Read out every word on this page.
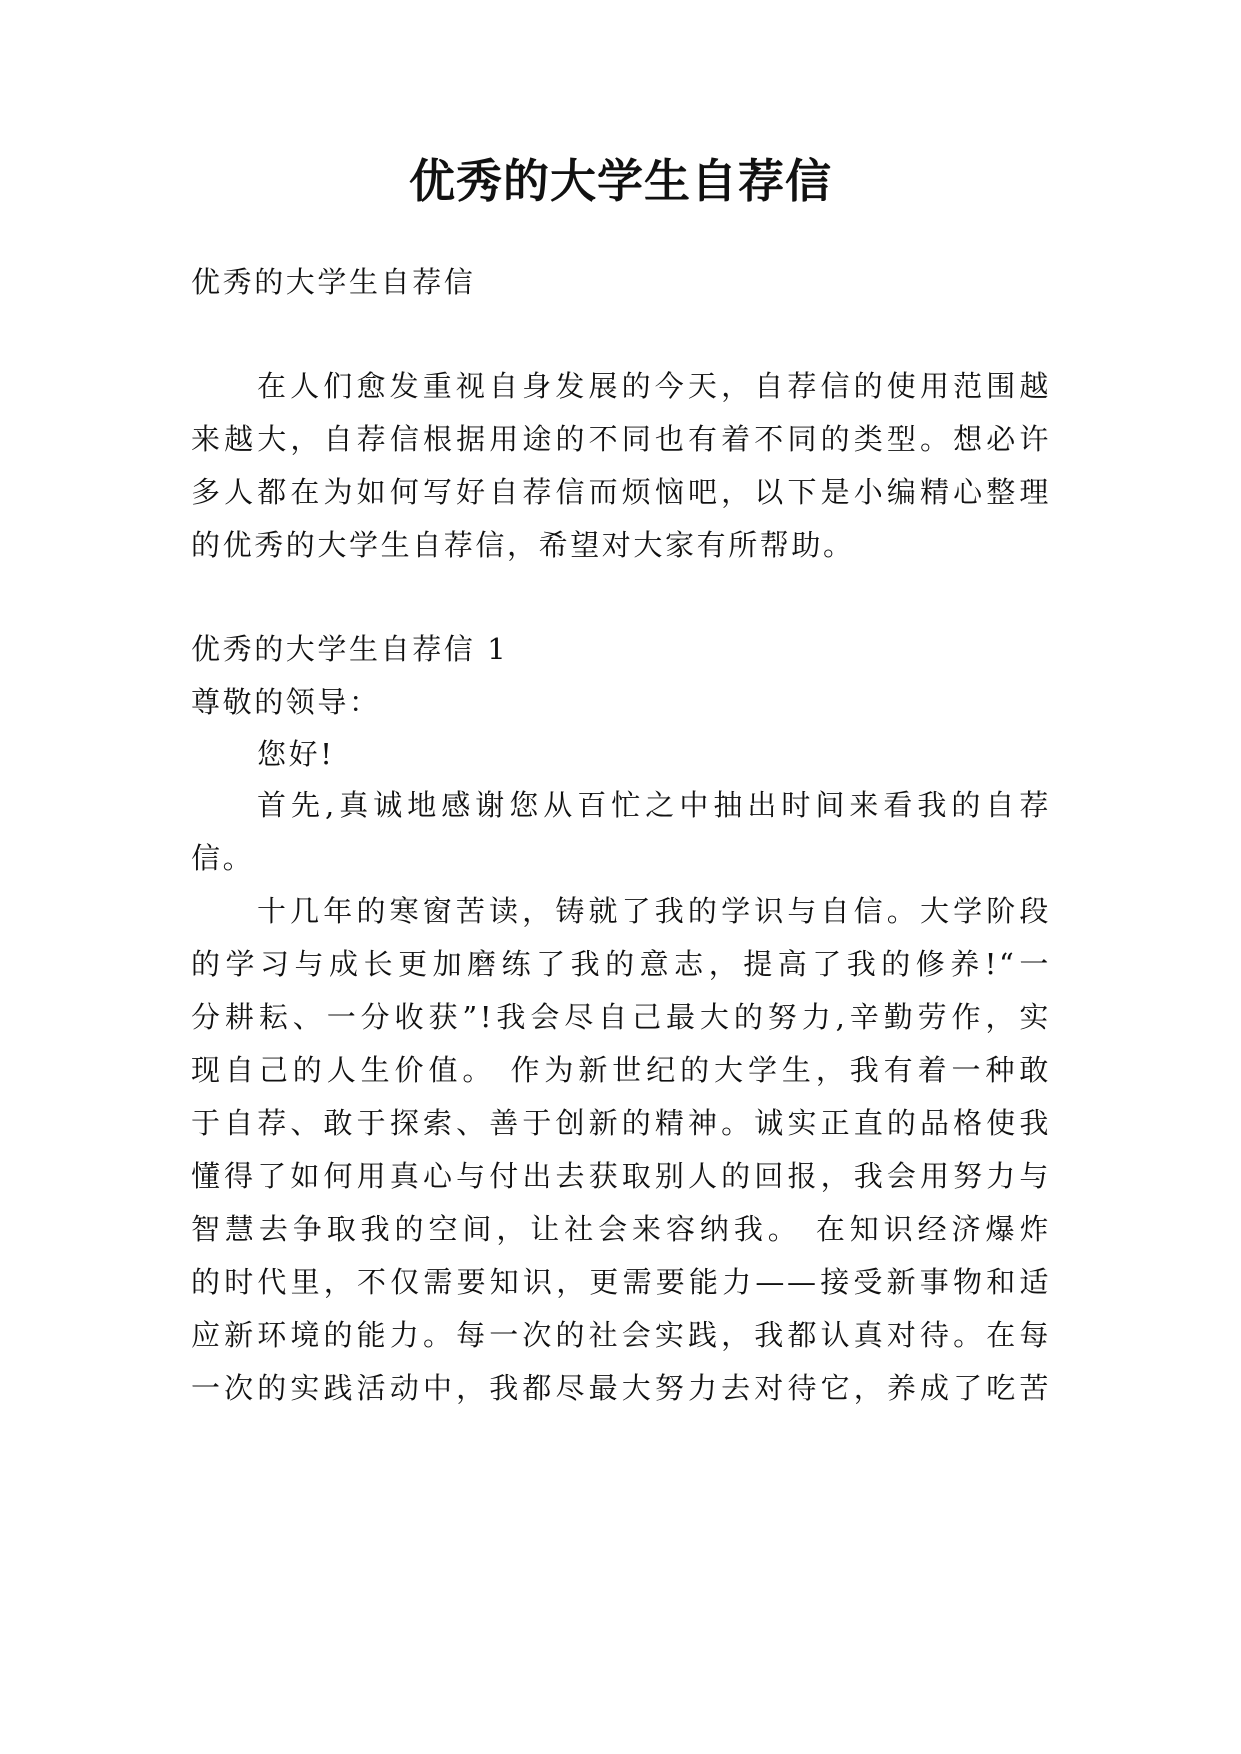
优秀的大学生自荐信
优秀的大学生自荐信
在人们愈发重视自身发展的今天，自荐信的使用范围越
来越大，自荐信根据用途的不同也有着不同的类型。想必许
多人都在为如何写好自荐信而烦恼吧，以下是小编精心整理
的优秀的大学生自荐信，希望对大家有所帮助。
优秀的大学生自荐信 1
尊敬的领导：
您好!
首先,真诚地感谢您从百忙之中抽出时间来看我的自荐
信。
十几年的寒窗苦读，铸就了我的学识与自信。大学阶段
的学习与成长更加磨练了我的意志，提高了我的修养!“一
分耕耘、一分收获”!我会尽自己最大的努力,辛勤劳作，实
现自己的人生价值。 作为新世纪的大学生，我有着一种敢
于自荐、敢于探索、善于创新的精神。诚实正直的品格使我
懂得了如何用真心与付出去获取别人的回报，我会用努力与
智慧去争取我的空间，让社会来容纳我。 在知识经济爆炸
的时代里，不仅需要知识，更需要能力——接受新事物和适
应新环境的能力。每一次的社会实践，我都认真对待。在每
一次的实践活动中，我都尽最大努力去对待它，养成了吃苦
